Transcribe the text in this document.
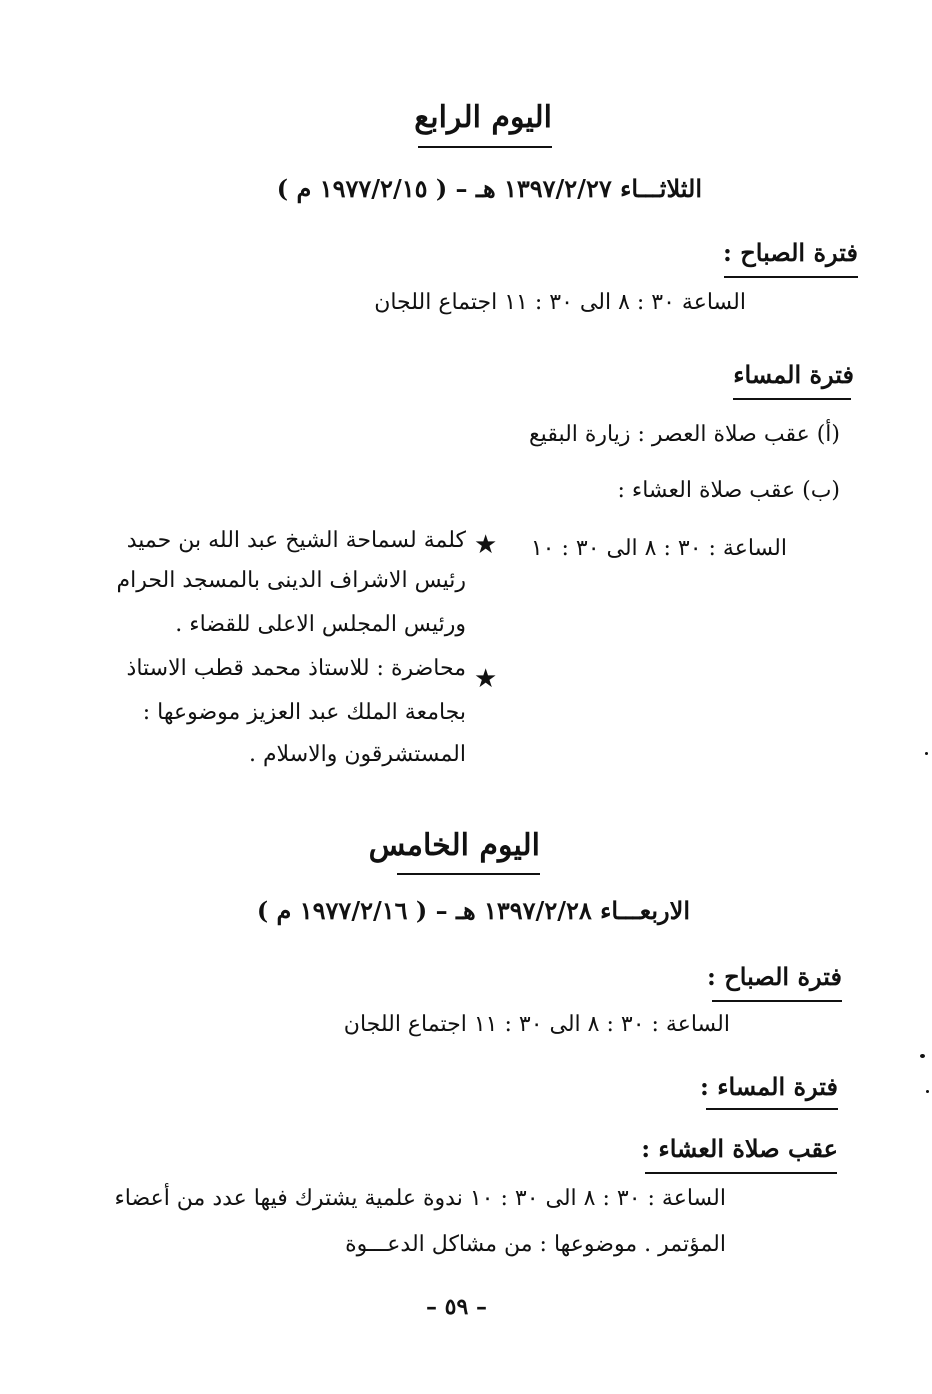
اليوم الرابع
الثلاثـــاء ١٣٩٧/٢/٢٧ هـ – ( ١٩٧٧/٢/١٥ م )
فترة الصباح :
الساعة ٣٠ : ٨ الى ٣٠ : ١١ اجتماع اللجان
فترة المساء
(أ) عقب صلاة العصر : زيارة البقيع
(ب) عقب صلاة العشاء :
الساعة : ٣٠ : ٨ الى ٣٠ : ١٠
★
كلمة لسماحة الشيخ عبد الله بن حميد
رئيس الاشراف الدينى بالمسجد الحرام
ورئيس المجلس الاعلى للقضاء .
★
محاضرة : للاستاذ محمد قطب الاستاذ
بجامعة الملك عبد العزيز موضوعها :
المستشرقون والاسلام .
اليوم الخامس
الاربعـــاء ١٣٩٧/٢/٢٨ هـ – ( ١٩٧٧/٢/١٦ م )
فترة الصباح :
الساعة : ٣٠ : ٨ الى ٣٠ : ١١ اجتماع اللجان
فترة المساء :
عقب صلاة العشاء :
الساعة : ٣٠ : ٨ الى ٣٠ : ١٠ ندوة علمية يشترك فيها عدد من أعضاء
المؤتمر . موضوعها : من مشاكل الدعـــوة
– ٥٩ –
